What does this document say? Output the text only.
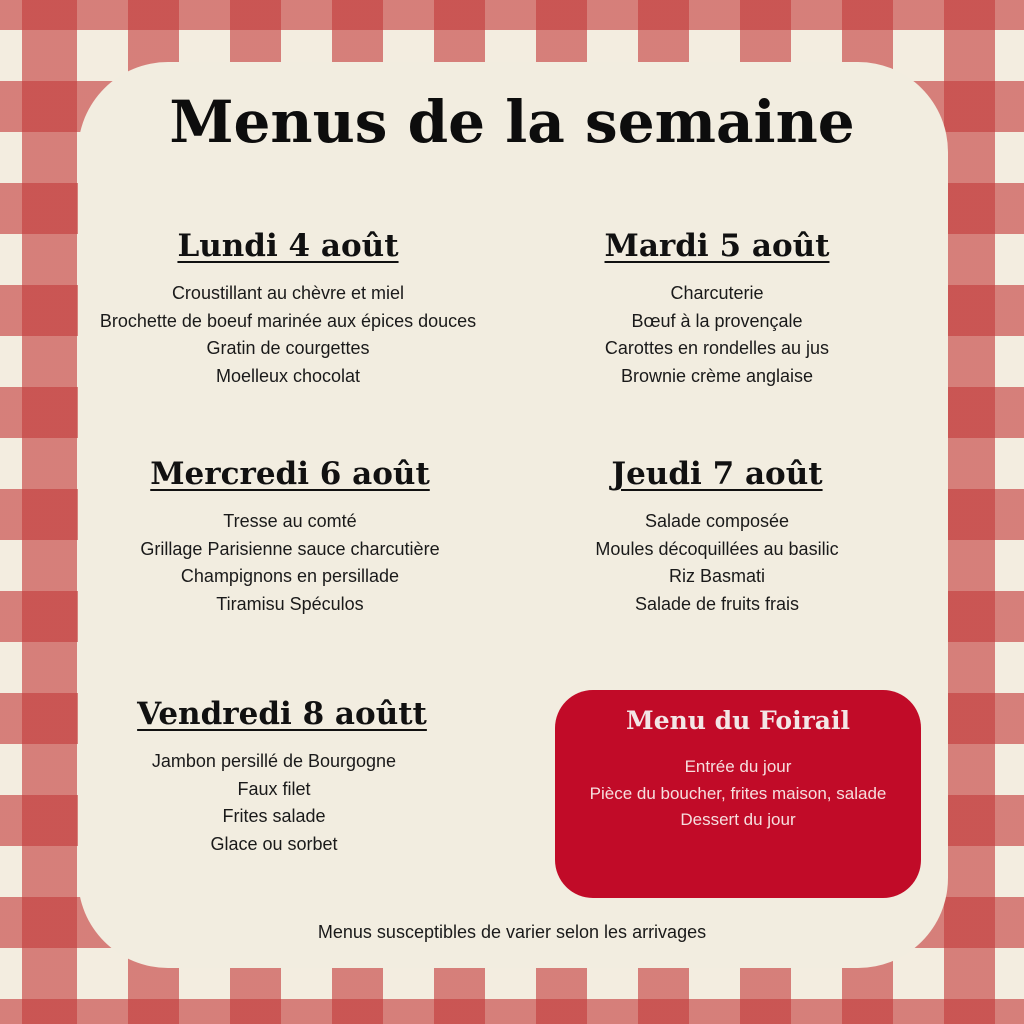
Menus de la semaine
Lundi 4 août
Croustillant au chèvre et miel
Brochette de boeuf marinée aux épices douces
Gratin de courgettes
Moelleux chocolat
Mardi 5 août
Charcuterie
Bœuf à la provençale
Carottes en rondelles au jus
Brownie crème anglaise
Mercredi 6 août
Tresse au comté
Grillage Parisienne sauce charcutière
Champignons en persillade
Tiramisu Spéculos
Jeudi 7 août
Salade composée
Moules décoquillées au basilic
Riz Basmati
Salade de fruits frais
Vendredi 8 aoûtt
Jambon persillé de Bourgogne
Faux filet
Frites salade
Glace ou sorbet
Menu du Foirail
Entrée du jour
Pièce du boucher, frites maison, salade
Dessert du jour

Menus susceptibles de varier selon les arrivages
